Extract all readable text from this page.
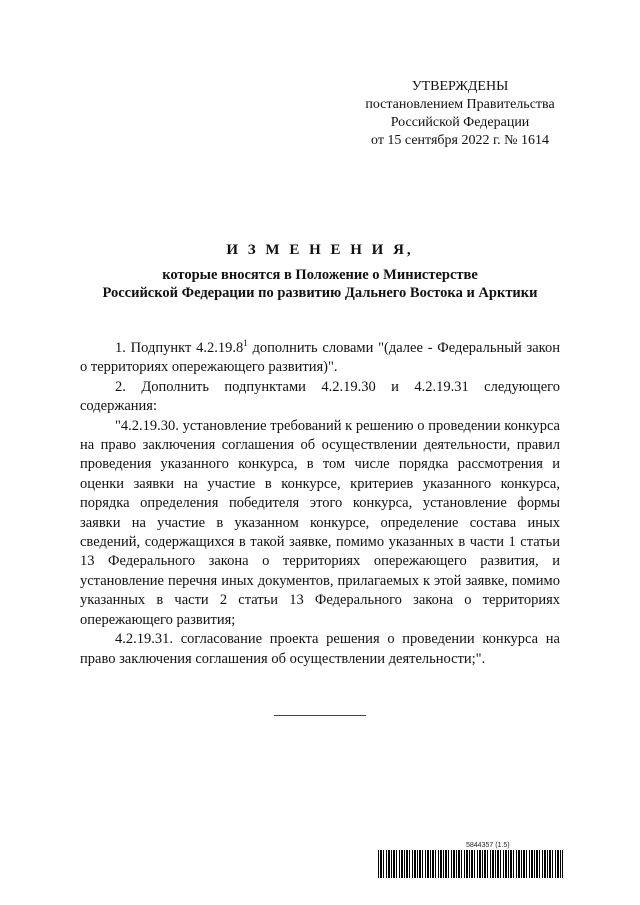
УТВЕРЖДЕНЫ
постановлением Правительства
Российской Федерации
от 15 сентября 2022 г. № 1614
И З М Е Н Е Н И Я,
которые вносятся в Положение о Министерстве
Российской Федерации по развитию Дальнего Востока и Арктики

1. Подпункт 4.2.19.8$^1$ дополнить словами "(далее - Федеральный закон о территориях опережающего развития)".

2. Дополнить подпунктами 4.2.19.30 и 4.2.19.31 следующего содержания:

"4.2.19.30. установление требований к решению о проведении конкурса на право заключения соглашения об осуществлении деятельности, правил проведения указанного конкурса, в том числе порядка рассмотрения и оценки заявки на участие в конкурсе, критериев указанного конкурса, порядка определения победителя этого конкурса, установление формы заявки на участие в указанном конкурсе, определение состава иных сведений, содержащихся в такой заявке, помимо указанных в части 1 статьи 13 Федерального закона о территориях опережающего развития, и установление перечня иных документов, прилагаемых к этой заявке, помимо указанных в части 2 статьи 13 Федерального закона о территориях опережающего развития;

4.2.19.31. согласование проекта решения о проведении конкурса на право заключения соглашения об осуществлении деятельности;".

5844357 (1.5)
